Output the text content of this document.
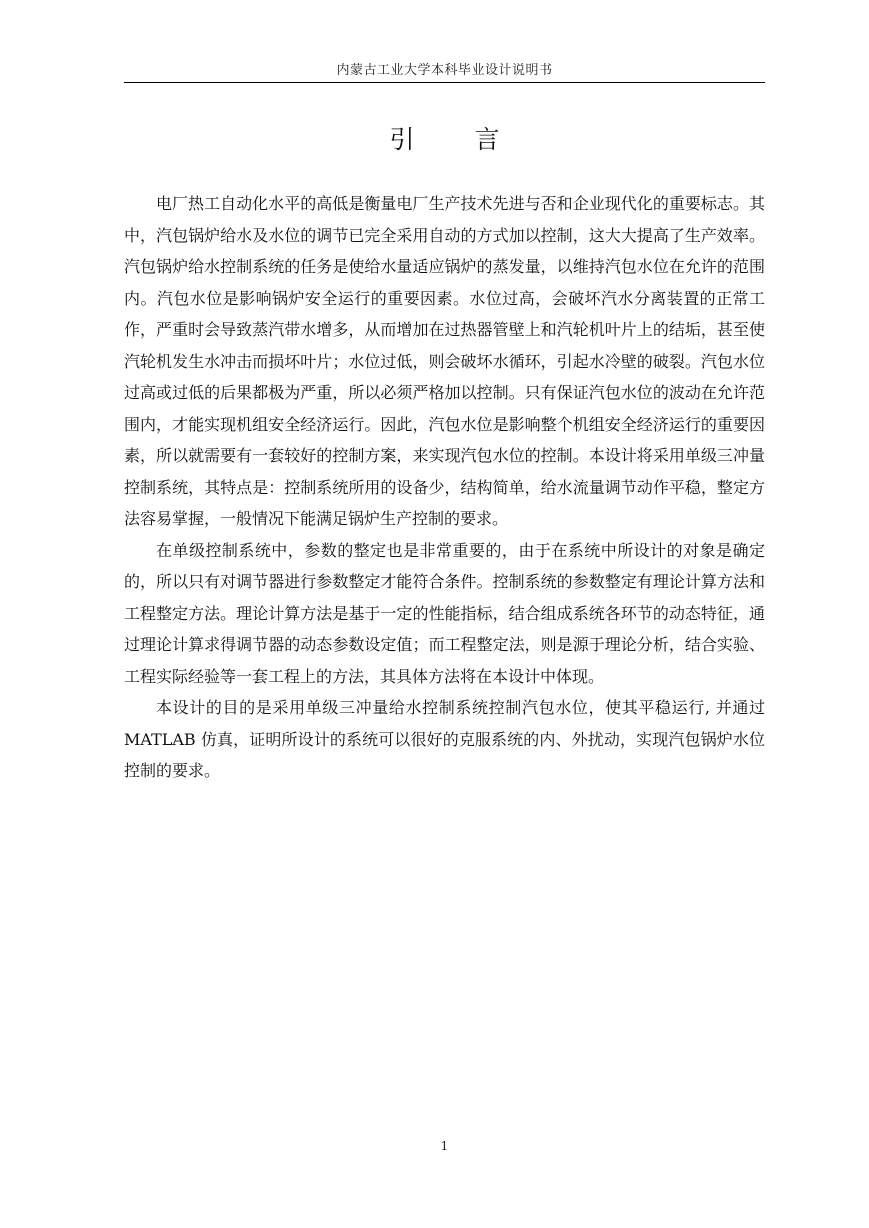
内蒙古工业大学本科毕业设计说明书
引 言

电厂热工自动化水平的高低是衡量电厂生产技术先进与否和企业现代化的重要标志。其中，汽包锅炉给水及水位的调节已完全采用自动的方式加以控制，这大大提高了生产效率。汽包锅炉给水控制系统的任务是使给水量适应锅炉的蒸发量，以维持汽包水位在允许的范围内。汽包水位是影响锅炉安全运行的重要因素。水位过高，会破坏汽水分离装置的正常工作，严重时会导致蒸汽带水增多，从而增加在过热器管壁上和汽轮机叶片上的结垢，甚至使汽轮机发生水冲击而损坏叶片；水位过低，则会破坏水循环，引起水冷壁的破裂。汽包水位过高或过低的后果都极为严重，所以必须严格加以控制。只有保证汽包水位的波动在允许范围内，才能实现机组安全经济运行。因此，汽包水位是影响整个机组安全经济运行的重要因素，所以就需要有一套较好的控制方案，来实现汽包水位的控制。本设计将采用单级三冲量控制系统，其特点是：控制系统所用的设备少，结构简单，给水流量调节动作平稳，整定方法容易掌握，一般情况下能满足锅炉生产控制的要求。

在单级控制系统中，参数的整定也是非常重要的，由于在系统中所设计的对象是确定的，所以只有对调节器进行参数整定才能符合条件。控制系统的参数整定有理论计算方法和工程整定方法。理论计算方法是基于一定的性能指标，结合组成系统各环节的动态特征，通过理论计算求得调节器的动态参数设定值；而工程整定法，则是源于理论分析，结合实验、工程实际经验等一套工程上的方法，其具体方法将在本设计中体现。

本设计的目的是采用单级三冲量给水控制系统控制汽包水位，使其平稳运行, 并通过 MATLAB 仿真，证明所设计的系统可以很好的克服系统的内、外扰动，实现汽包锅炉水位控制的要求。

1
